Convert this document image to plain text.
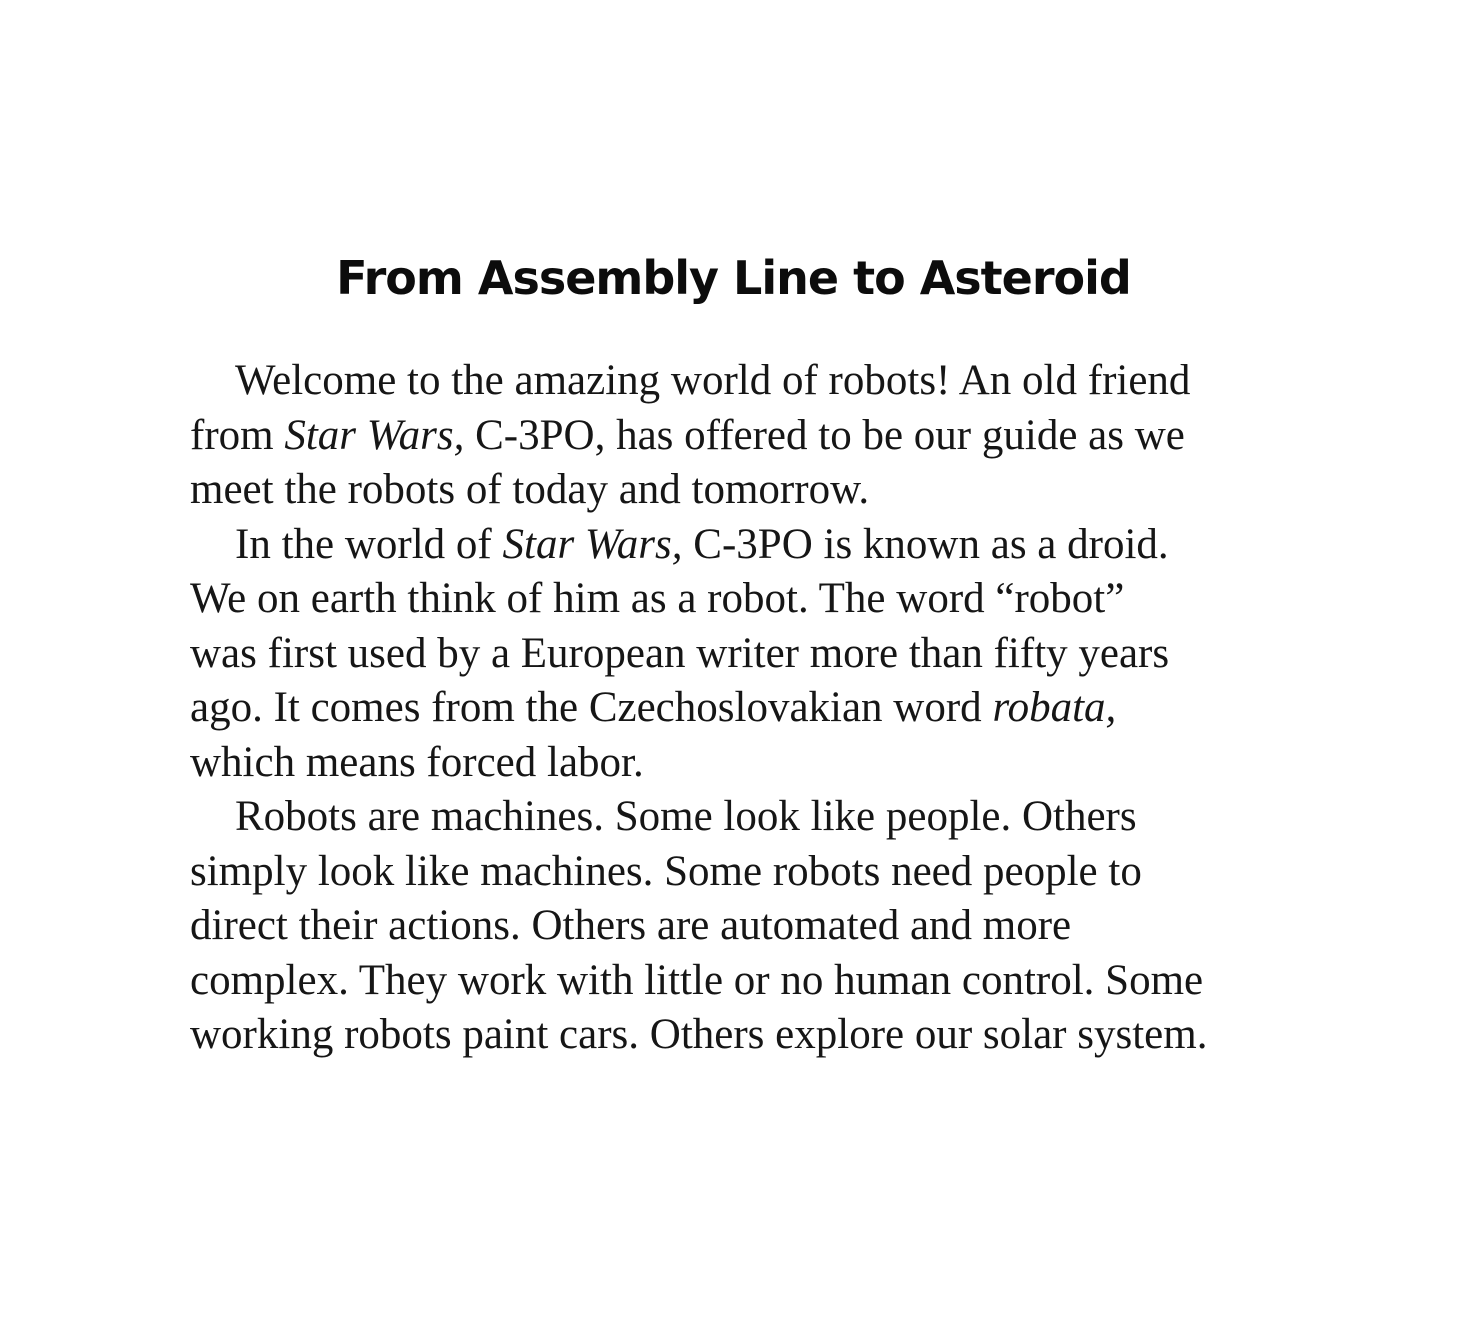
From Assembly Line to Asteroid
Welcome to the amazing world of robots! An old friend
from Star Wars, C-3PO, has offered to be our guide as we
meet the robots of today and tomorrow.
In the world of Star Wars, C-3PO is known as a droid.
We on earth think of him as a robot. The word “robot”
was first used by a European writer more than fifty years
ago. It comes from the Czechoslovakian word robata,
which means forced labor.
Robots are machines. Some look like people. Others
simply look like machines. Some robots need people to
direct their actions. Others are automated and more
complex. They work with little or no human control. Some
working robots paint cars. Others explore our solar system.
